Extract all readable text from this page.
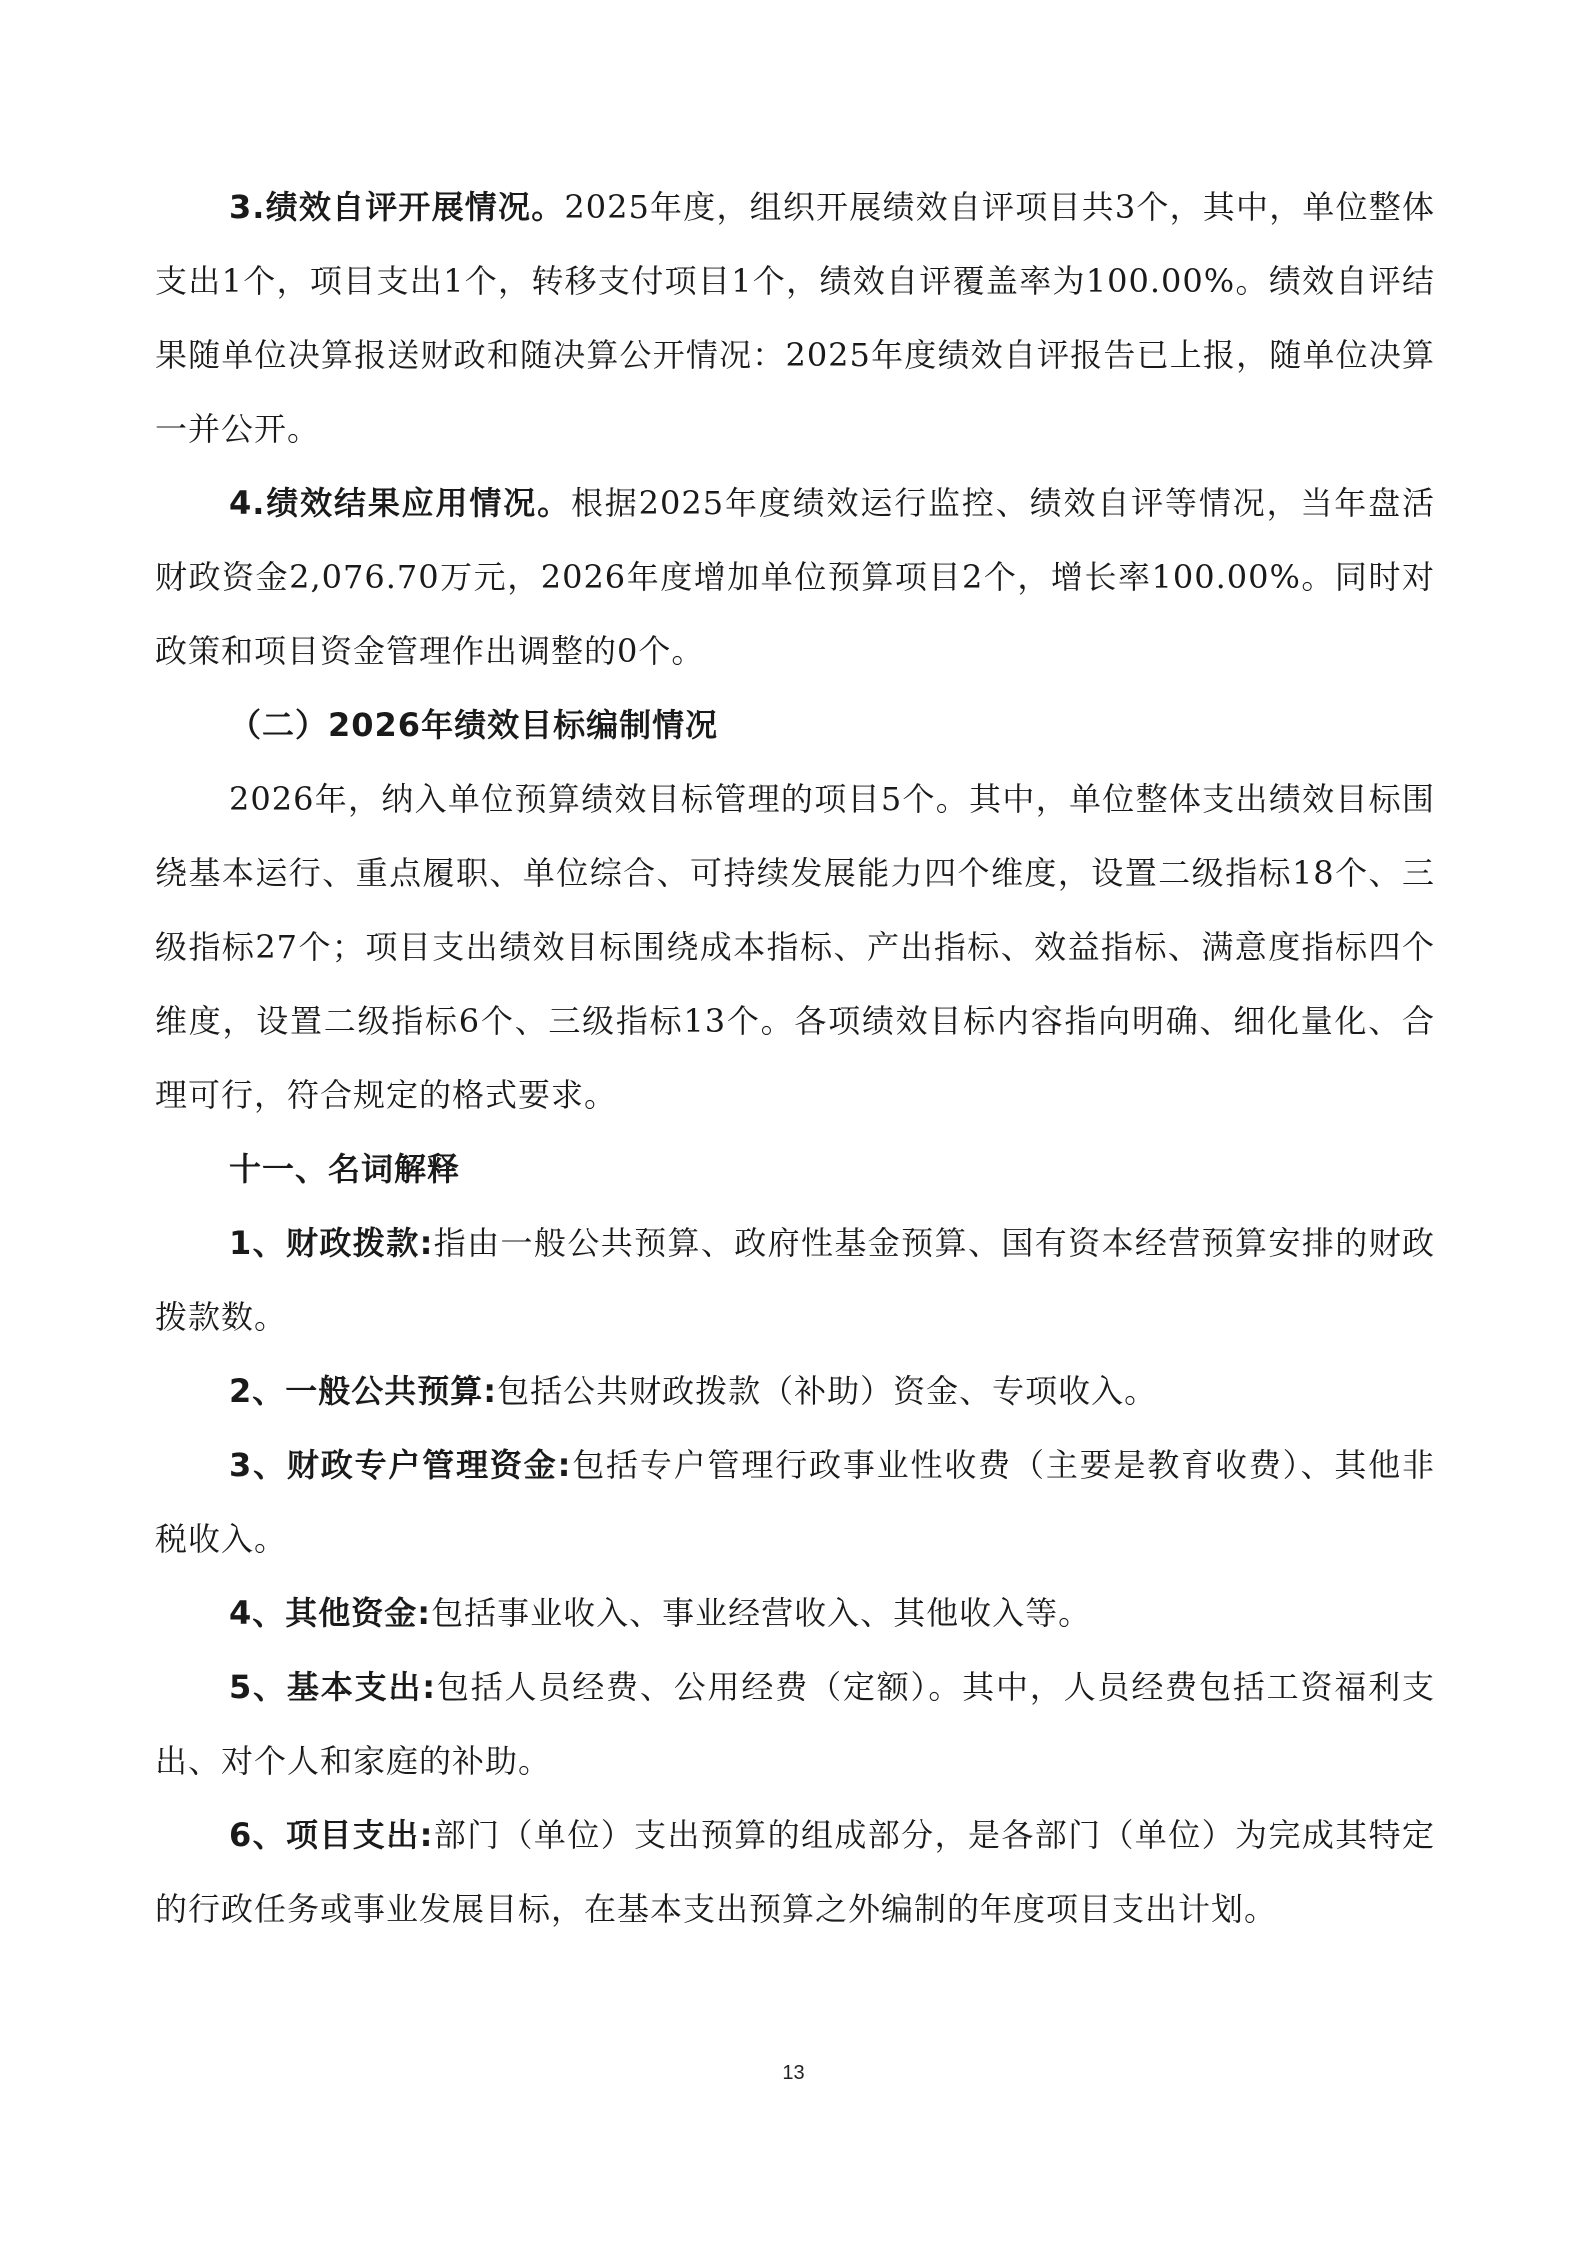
3.绩效自评开展情况。2025年度，组织开展绩效自评项目共3个，其中，单位整体支出1个，项目支出1个，转移支付项目1个，绩效自评覆盖率为100.00%。绩效自评结果随单位决算报送财政和随决算公开情况：2025年度绩效自评报告已上报，随单位决算一并公开。

4.绩效结果应用情况。根据2025年度绩效运行监控、绩效自评等情况，当年盘活财政资金2,076.70万元，2026年度增加单位预算项目2个，增长率100.00%。同时对政策和项目资金管理作出调整的0个。

（二）2026年绩效目标编制情况

2026年，纳入单位预算绩效目标管理的项目5个。其中，单位整体支出绩效目标围绕基本运行、重点履职、单位综合、可持续发展能力四个维度，设置二级指标18个、三级指标27个；项目支出绩效目标围绕成本指标、产出指标、效益指标、满意度指标四个维度，设置二级指标6个、三级指标13个。各项绩效目标内容指向明确、细化量化、合理可行，符合规定的格式要求。

十一、名词解释

1、财政拨款:指由一般公共预算、政府性基金预算、国有资本经营预算安排的财政拨款数。

2、一般公共预算:包括公共财政拨款（补助）资金、专项收入。

3、财政专户管理资金:包括专户管理行政事业性收费（主要是教育收费）、其他非税收入。

4、其他资金:包括事业收入、事业经营收入、其他收入等。

5、基本支出:包括人员经费、公用经费（定额）。其中，人员经费包括工资福利支出、对个人和家庭的补助。

6、项目支出:部门（单位）支出预算的组成部分，是各部门（单位）为完成其特定的行政任务或事业发展目标，在基本支出预算之外编制的年度项目支出计划。

13
